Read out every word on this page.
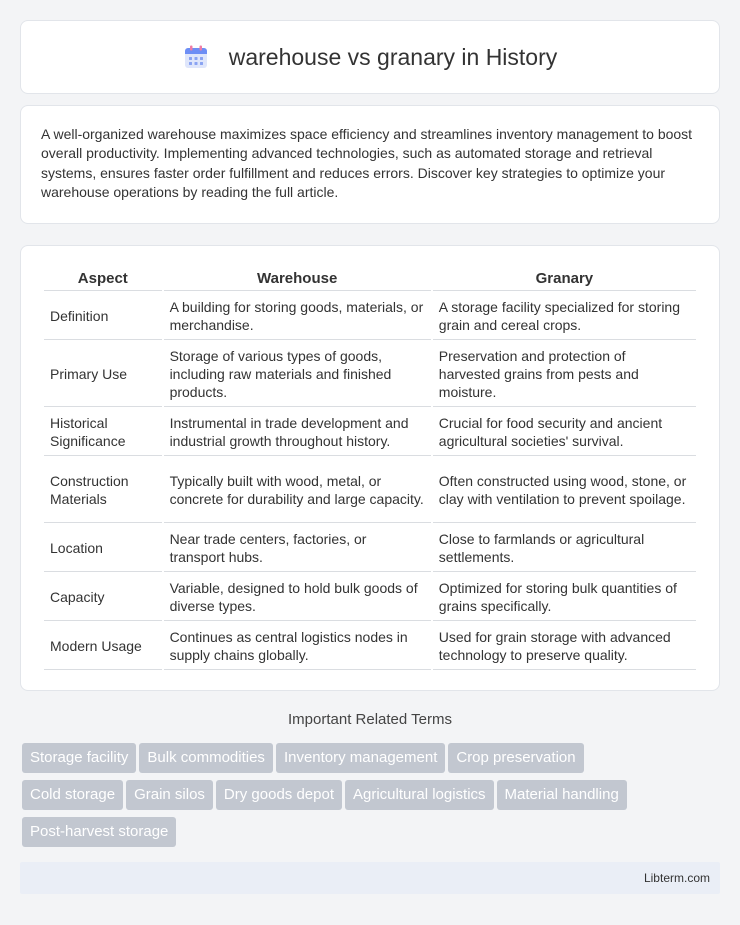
warehouse vs granary in History

A well-organized warehouse maximizes space efficiency and streamlines inventory management to boost overall productivity. Implementing advanced technologies, such as automated storage and retrieval systems, ensures faster order fulfillment and reduces errors. Discover key strategies to optimize your warehouse operations by reading the full article.

Aspect	Warehouse	Granary
Definition	A building for storing goods, materials, or merchandise.	A storage facility specialized for storing grain and cereal crops.
Primary Use	Storage of various types of goods, including raw materials and finished products.	Preservation and protection of harvested grains from pests and moisture.
Historical Significance	Instrumental in trade development and industrial growth throughout history.	Crucial for food security and ancient agricultural societies' survival.
Construction Materials	Typically built with wood, metal, or concrete for durability and large capacity.	Often constructed using wood, stone, or clay with ventilation to prevent spoilage.
Location	Near trade centers, factories, or transport hubs.	Close to farmlands or agricultural settlements.
Capacity	Variable, designed to hold bulk goods of diverse types.	Optimized for storing bulk quantities of grains specifically.
Modern Usage	Continues as central logistics nodes in supply chains globally.	Used for grain storage with advanced technology to preserve quality.
Important Related Terms
Storage facility Bulk commodities Inventory management Crop preservation
Cold storage Grain silos Dry goods depot Agricultural logistics Material handling
Post-harvest storage
Libterm.com
